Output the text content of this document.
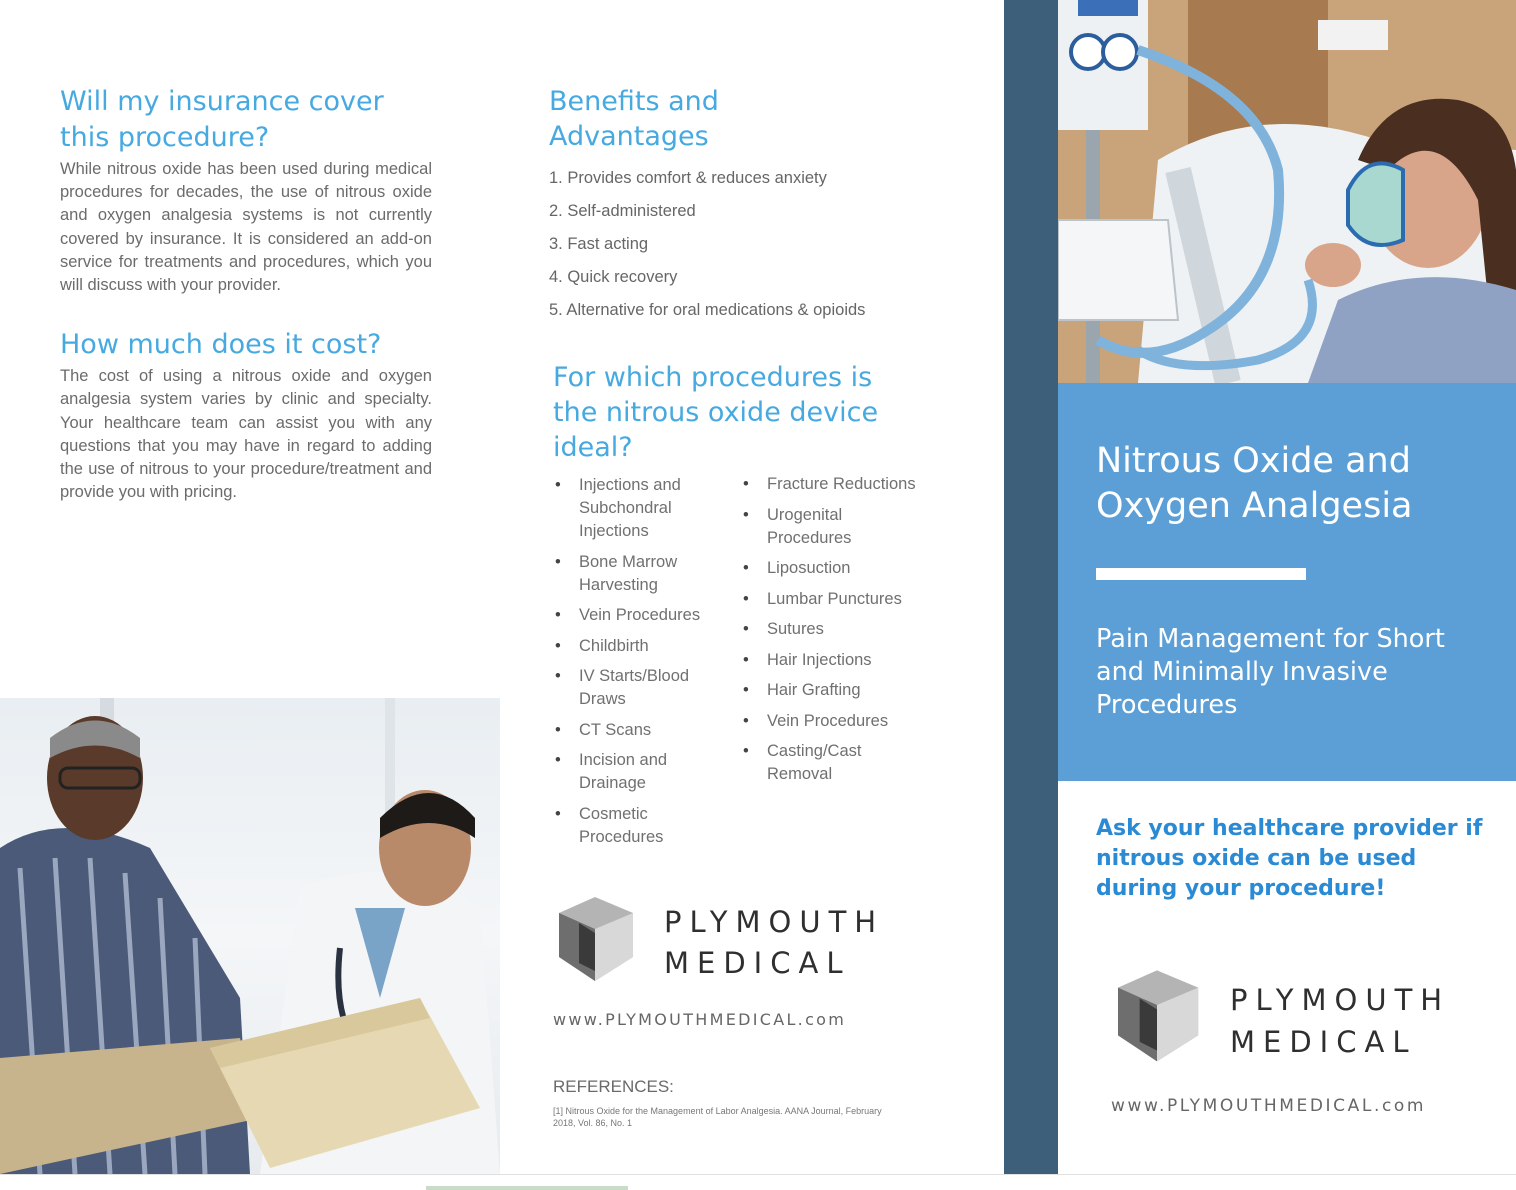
Will my insurance cover this procedure?

While nitrous oxide has been used during medical procedures for decades, the use of nitrous oxide and oxygen analgesia systems is not currently covered by insurance. It is considered an add-on service for treatments and procedures, which you will discuss with your provider.

How much does it cost?

The cost of using a nitrous oxide and oxygen analgesia system varies by clinic and specialty. Your healthcare team can assist you with any questions that you may have in regard to adding the use of nitrous to your procedure/treatment and provide you with pricing.

Benefits and Advantages
1. Provides comfort & reduces anxiety
2. Self-administered
3. Fast acting
4. Quick recovery
5. Alternative for oral medications & opioids
For which procedures is the nitrous oxide device ideal?
• Injections and Subchondral Injections
• Bone Marrow Harvesting
• Vein Procedures
• Childbirth
• IV Starts/Blood Draws
• CT Scans
• Incision and Drainage
• Cosmetic Procedures
• Fracture Reductions
• Urogenital Procedures
• Liposuction
• Lumbar Punctures
• Sutures
• Hair Injections
• Hair Grafting
• Vein Procedures
• Casting/Cast Removal
PLYMOUTH
MEDICAL
www.PLYMOUTHMEDICAL.com
REFERENCES:
[1] Nitrous Oxide for the Management of Labor Analgesia. AANA Journal, February 2018, Vol. 86, No. 1
Nitrous Oxide and Oxygen Analgesia
Pain Management for Short and Minimally Invasive Procedures
Ask your healthcare provider if nitrous oxide can be used during your procedure!
PLYMOUTH
MEDICAL
www.PLYMOUTHMEDICAL.com
